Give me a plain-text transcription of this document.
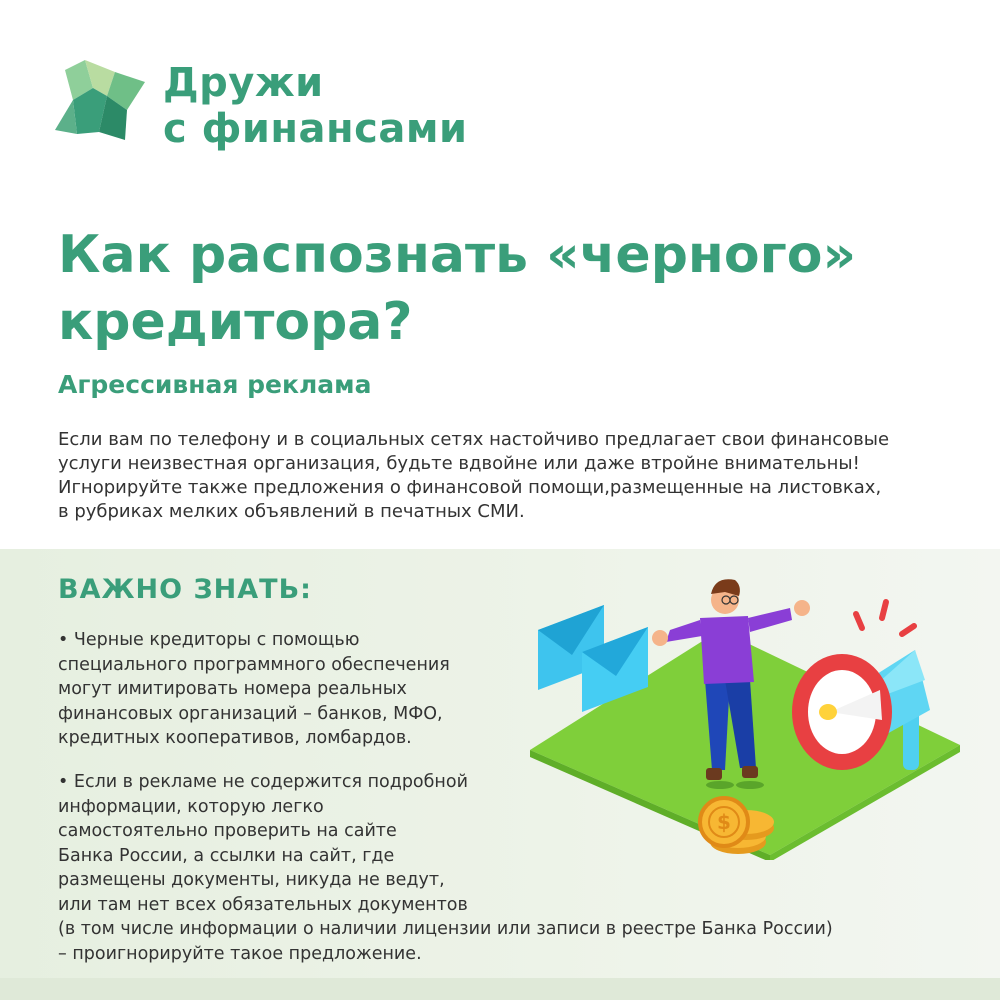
Дружи
с финансами
Как распознать «черного»
кредитора?
Агрессивная реклама
Если вам по телефону и в социальных сетях настойчиво предлагает свои финансовые
услуги неизвестная организация, будьте вдвойне или даже втройне внимательны!
Игнорируйте также предложения о финансовой помощи,размещенные на листовках,
в рубриках мелких объявлений в печатных СМИ.
ВАЖНО ЗНАТЬ:
• Черные кредиторы с помощью
специального программного обеспечения
могут имитировать номера реальных
финансовых организаций – банков, МФО,
кредитных кооперативов, ломбардов.
• Если в рекламе не содержится подробной
информации, которую легко
самостоятельно проверить на сайте
Банка России, а ссылки на сайт, где
размещены документы, никуда не ведут,
или там нет всех обязательных документов
(в том числе информации о наличии лицензии или записи в реестре Банка России)
– проигнорируйте такое предложение.
$
